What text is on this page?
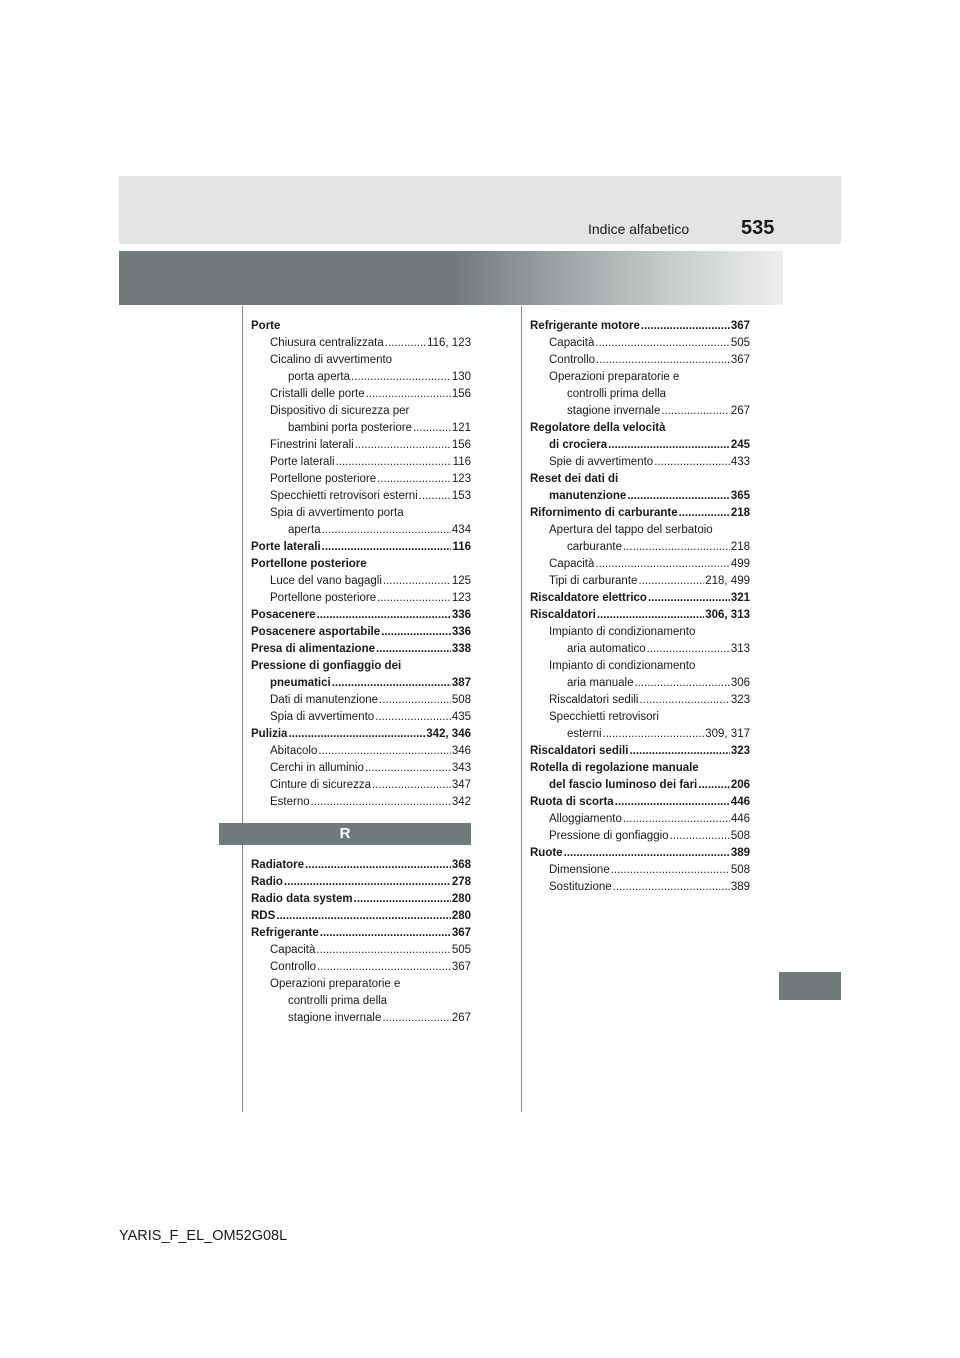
Indice alfabetico	535
Porte
Chiusura centralizzata .....	116, 123
Cicalino di avvertimento
porta aperta .....	130
Cristalli delle porte .....	156
Dispositivo di sicurezza per
bambini porta posteriore .....	121
Finestrini laterali .....	156
Porte laterali .....	116
Portellone posteriore .....	123
Specchietti retrovisori esterni .....	153
Spia di avvertimento porta
aperta .....	434
Porte laterali .....	116
Portellone posteriore
Luce del vano bagagli .....	125
Portellone posteriore .....	123
Posacenere .....	336
Posacenere asportabile .....	336
Presa di alimentazione .....	338
Pressione di gonfiaggio dei
pneumatici .....	387
Dati di manutenzione .....	508
Spia di avvertimento .....	435
Pulizia .....	342, 346
Abitacolo .....	346
Cerchi in alluminio .....	343
Cinture di sicurezza .....	347
Esterno .....	342
R
Radiatore .....	368
Radio .....	278
Radio data system .....	280
RDS .....	280
Refrigerante .....	367
Capacità .....	505
Controllo .....	367
Operazioni preparatorie e
controlli prima della
stagione invernale .....	267
Refrigerante motore .....	367
Capacità .....	505
Controllo .....	367
Operazioni preparatorie e
controlli prima della
stagione invernale .....	267
Regolatore della velocità
di crociera .....	245
Spie di avvertimento .....	433
Reset dei dati di
manutenzione .....	365
Rifornimento di carburante .....	218
Apertura del tappo del serbatoio
carburante .....	218
Capacità .....	499
Tipi di carburante .....	218, 499
Riscaldatore elettrico .....	321
Riscaldatori .....	306, 313
Impianto di condizionamento
aria automatico .....	313
Impianto di condizionamento
aria manuale .....	306
Riscaldatori sedili .....	323
Specchietti retrovisori
esterni .....	309, 317
Riscaldatori sedili .....	323
Rotella di regolazione manuale
del fascio luminoso dei fari .....	206
Ruota di scorta .....	446
Alloggiamento .....	446
Pressione di gonfiaggio .....	508
Ruote .....	389
Dimensione .....	508
Sostituzione .....	389
YARIS_F_EL_OM52G08L
